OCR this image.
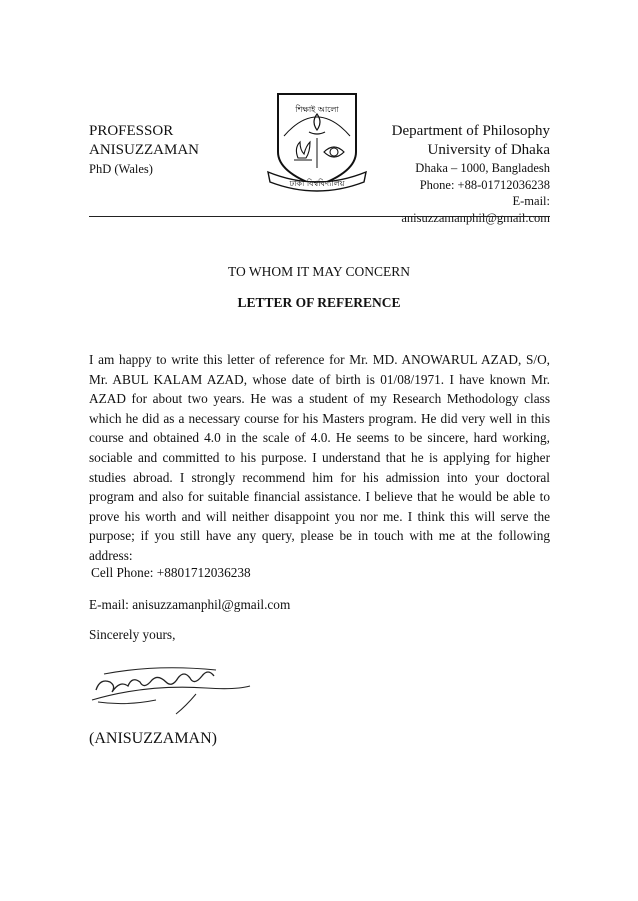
PROFESSOR
ANISUZZAMAN
PhD (Wales)
শিক্ষাই আলো
ঢাকা বিশ্ববিদ্যালয়
Department of Philosophy
University of Dhaka
Dhaka – 1000, Bangladesh
Phone: +88-01712036238
E-mail:
anisuzzamanphil@gmail.com
TO WHOM IT MAY CONCERN
LETTER OF REFERENCE
I am happy to write this letter of reference for Mr. MD. ANOWARUL AZAD, S/O, Mr. ABUL KALAM AZAD, whose date of birth is 01/08/1971. I have known Mr. AZAD for about two years. He was a student of my Research Methodology class which he did as a necessary course for his Masters program. He did very well in this course and obtained 4.0 in the scale of 4.0. He seems to be sincere, hard working, sociable and committed to his purpose. I understand that he is applying for higher studies abroad. I strongly recommend him for his admission into your doctoral program and also for suitable financial assistance. I believe that he would be able to prove his worth and will neither disappoint you nor me. I think this will serve the purpose; if you still have any query, please be in touch with me at the following address:
Cell Phone: +8801712036238
E-mail: anisuzzamanphil@gmail.com
Sincerely yours,
(ANISUZZAMAN)
